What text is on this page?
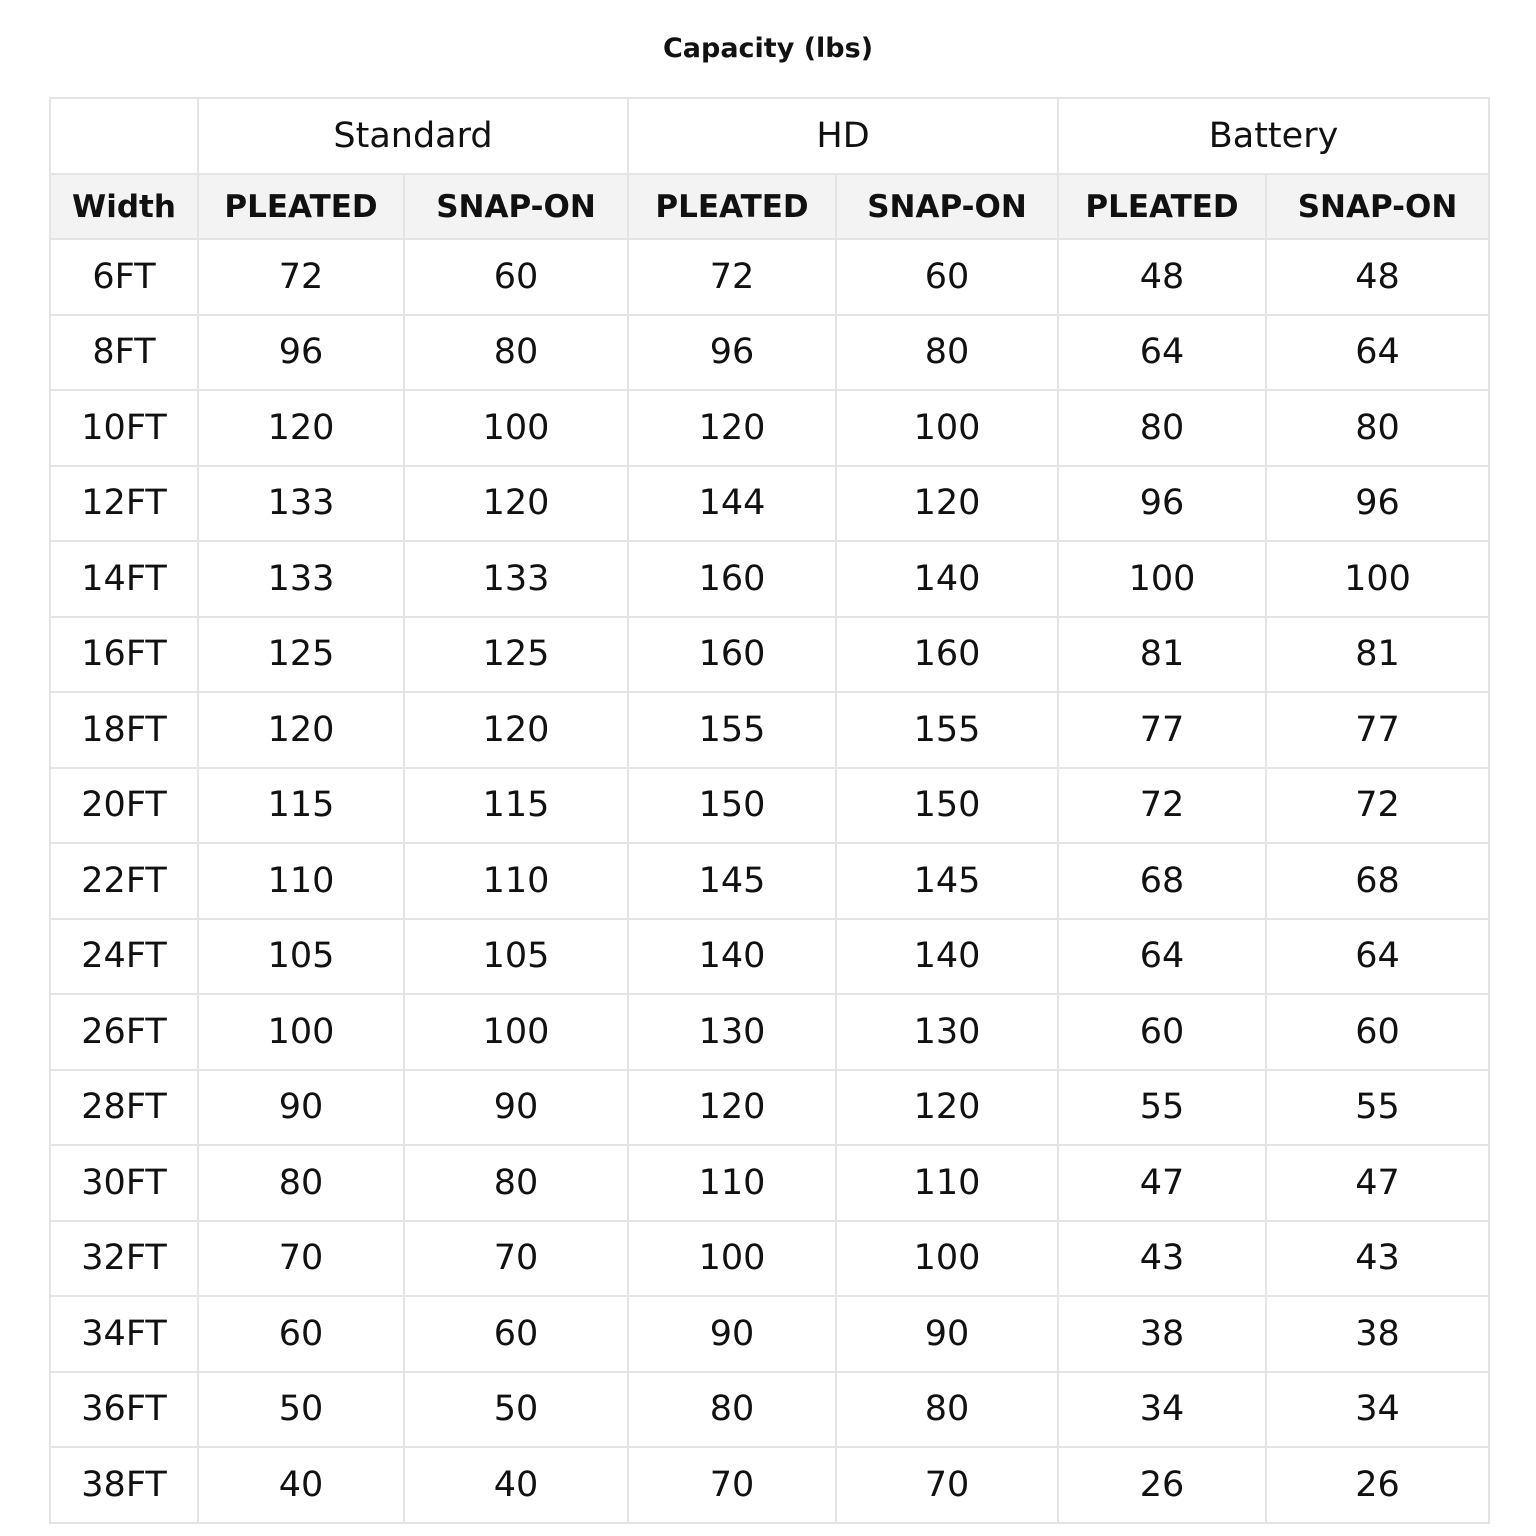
Capacity (lbs)
	Standard		HD		Battery	
Width	PLEATED	SNAP-ON	PLEATED	SNAP-ON	PLEATED	SNAP-ON
6FT	72	60	72	60	48	48
8FT	96	80	96	80	64	64
10FT	120	100	120	100	80	80
12FT	133	120	144	120	96	96
14FT	133	133	160	140	100	100
16FT	125	125	160	160	81	81
18FT	120	120	155	155	77	77
20FT	115	115	150	150	72	72
22FT	110	110	145	145	68	68
24FT	105	105	140	140	64	64
26FT	100	100	130	130	60	60
28FT	90	90	120	120	55	55
30FT	80	80	110	110	47	47
32FT	70	70	100	100	43	43
34FT	60	60	90	90	38	38
36FT	50	50	80	80	34	34
38FT	40	40	70	70	26	26
